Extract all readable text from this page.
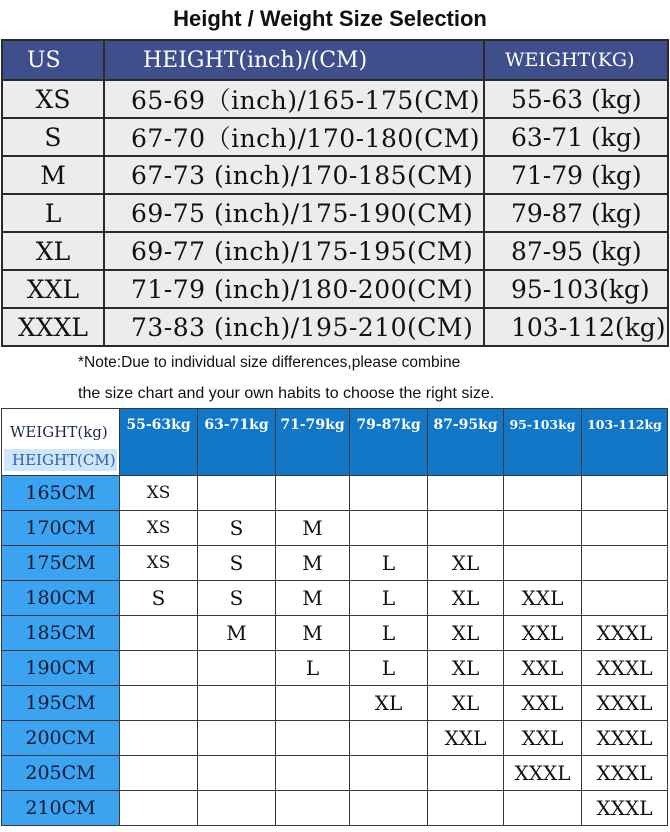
Height / Weight Size Selection
US	HEIGHT(inch)/(CM)	WEIGHT(KG)
XS	65-69（inch)/165-175(CM)	55-63 (kg)
S	67-70（inch)/170-180(CM)	63-71 (kg)
M	67-73 (inch)/170-185(CM)	71-79 (kg)
L	69-75 (inch)/175-190(CM)	79-87 (kg)
XL	69-77 (inch)/175-195(CM)	87-95 (kg)
XXL	71-79 (inch)/180-200(CM)	95-103(kg)
XXXL	73-83 (inch)/195-210(CM)	103-112(kg)
*Note:Due to individual size differences,please combine
the size chart and your own habits to choose the right size.
WEIGHT(kg)
HEIGHT(CM)	55-63kg	63-71kg	71-79kg	79-87kg	87-95kg	95-103kg	103-112kg
165CM	XS						
170CM	XS	S	M				
175CM	XS	S	M	L	XL		
180CM	S	S	M	L	XL	XXL	
185CM		M	M	L	XL	XXL	XXXL
190CM			L	L	XL	XXL	XXXL
195CM				XL	XL	XXL	XXXL
200CM					XXL	XXL	XXXL
205CM						XXXL	XXXL
210CM							XXXL
